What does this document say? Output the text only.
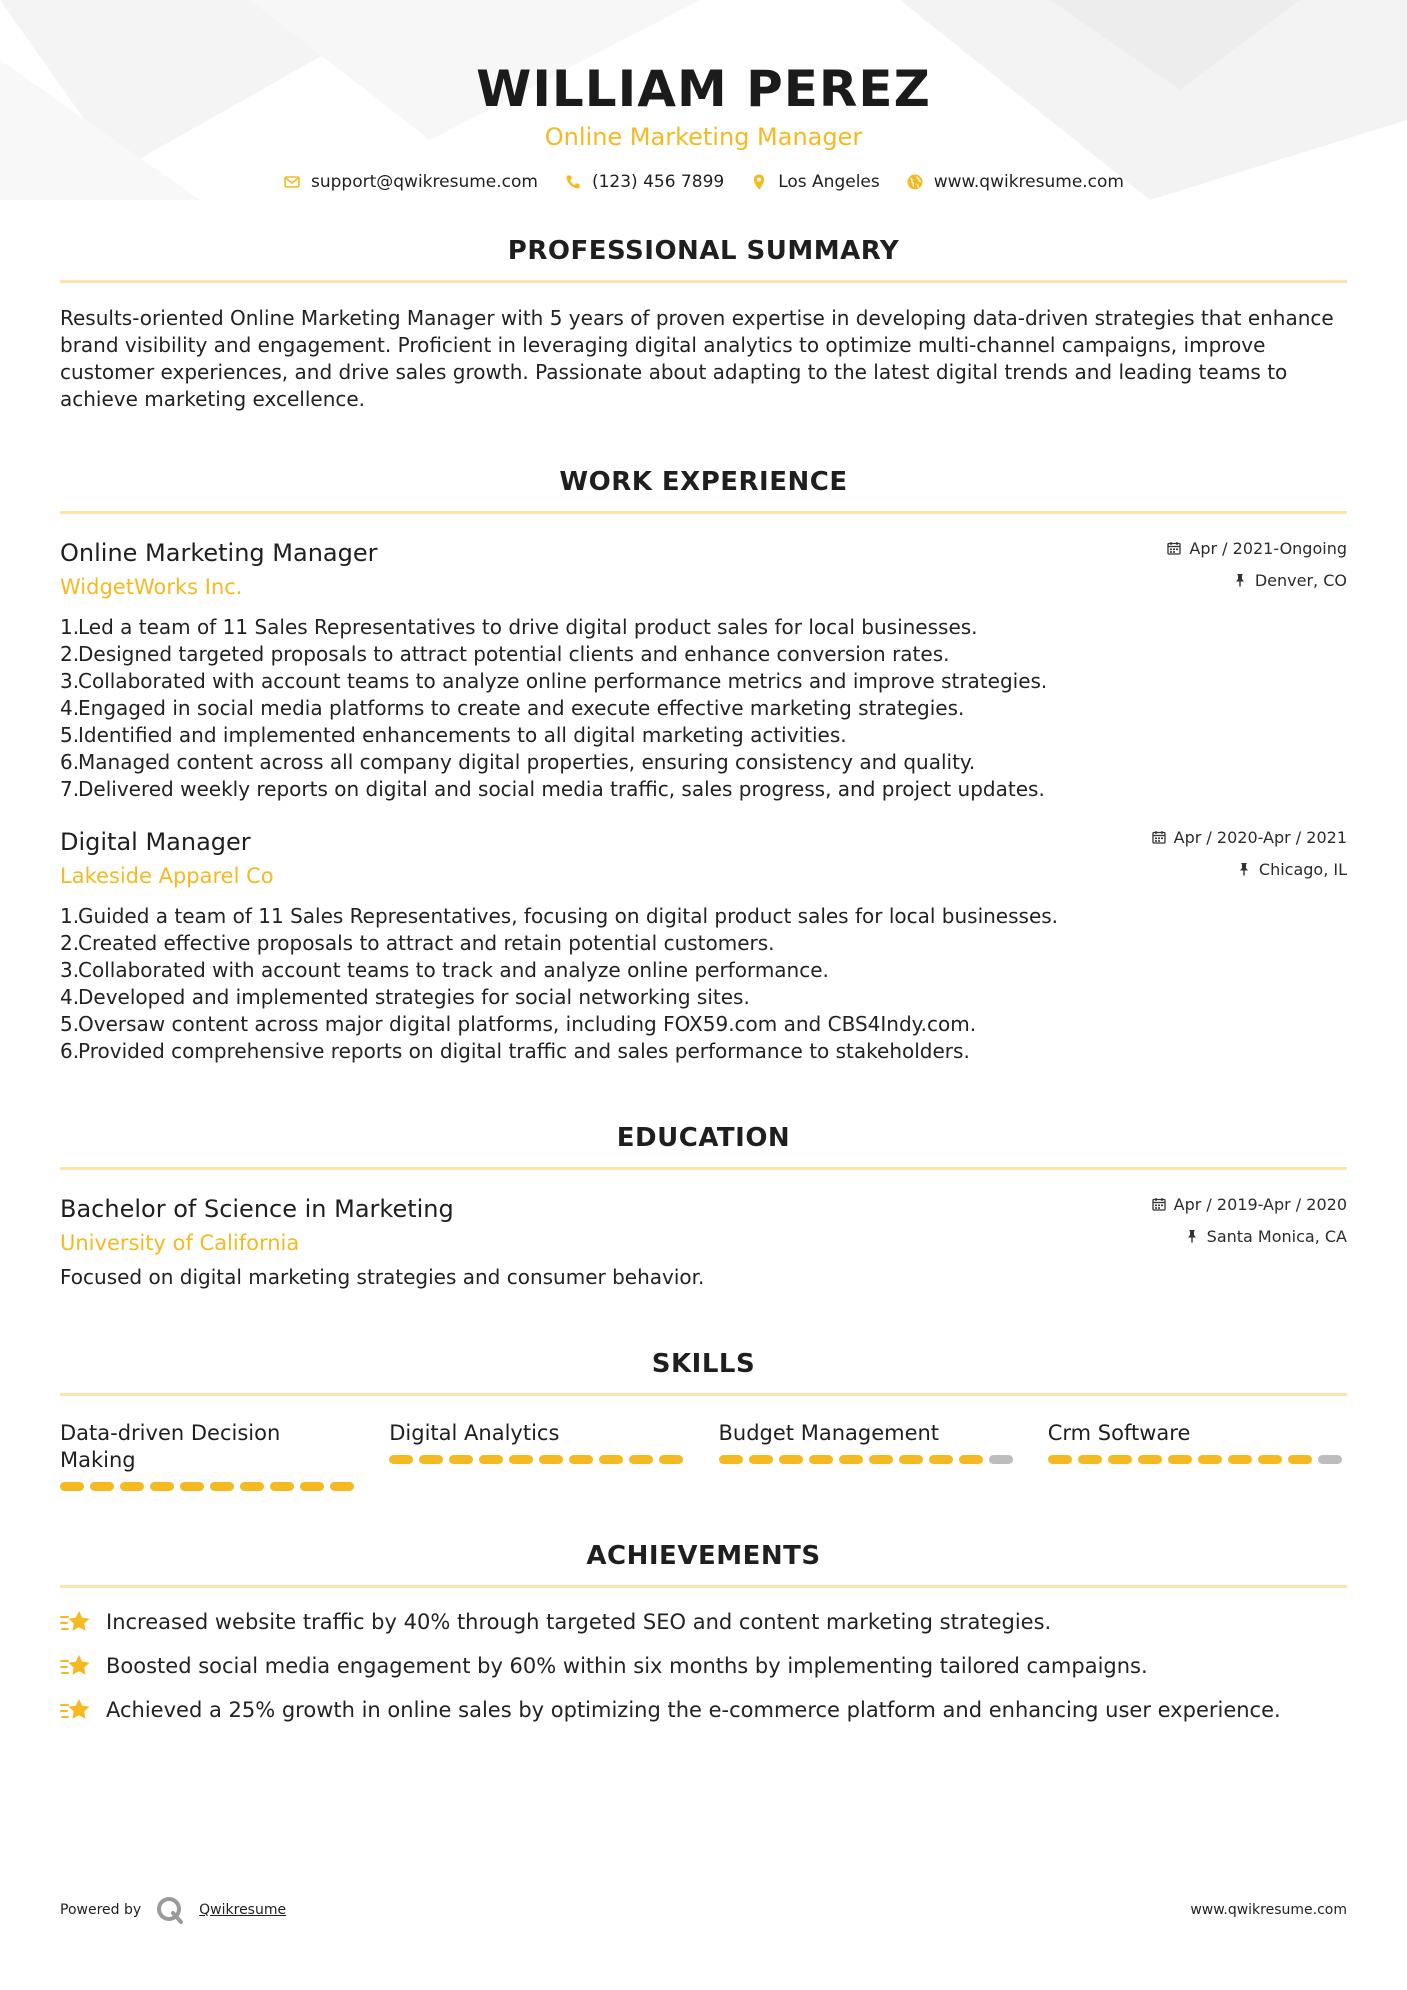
WILLIAM PEREZ
Online Marketing Manager
support@qwikresume.com	(123) 456 7899	Los Angeles	www.qwikresume.com
PROFESSIONAL SUMMARY

Results-oriented Online Marketing Manager with 5 years of proven expertise in developing data-driven strategies that enhance brand visibility and engagement. Proficient in leveraging digital analytics to optimize multi-channel campaigns, improve customer experiences, and drive sales growth. Passionate about adapting to the latest digital trends and leading teams to achieve marketing excellence.

WORK EXPERIENCE
Online Marketing Manager
WidgetWorks Inc.
Apr / 2021-Ongoing
Denver, CO
1.
Led a team of 11 Sales Representatives to drive digital product sales for local businesses.
2.
Designed targeted proposals to attract potential clients and enhance conversion rates.
3.
Collaborated with account teams to analyze online performance metrics and improve strategies.
4.
Engaged in social media platforms to create and execute effective marketing strategies.
5.
Identified and implemented enhancements to all digital marketing activities.
6.
Managed content across all company digital properties, ensuring consistency and quality.
7.
Delivered weekly reports on digital and social media traffic, sales progress, and project updates.
Digital Manager
Lakeside Apparel Co
Apr / 2020-Apr / 2021
Chicago, IL
1.
Guided a team of 11 Sales Representatives, focusing on digital product sales for local businesses.
2.
Created effective proposals to attract and retain potential customers.
3.
Collaborated with account teams to track and analyze online performance.
4.
Developed and implemented strategies for social networking sites.
5.
Oversaw content across major digital platforms, including FOX59.com and CBS4Indy.com.
6.
Provided comprehensive reports on digital traffic and sales performance to stakeholders.
EDUCATION
Bachelor of Science in Marketing
University of California
Apr / 2019-Apr / 2020
Santa Monica, CA

Focused on digital marketing strategies and consumer behavior.

SKILLS
Data-driven Decision Making
Digital Analytics	Budget Management	Crm Software
ACHIEVEMENTS
Increased website traffic by 40% through targeted SEO and content marketing strategies.
Boosted social media engagement by 60% within six months by implementing tailored campaigns.
Achieved a 25% growth in online sales by optimizing the e-commerce platform and enhancing user experience.
Powered by	Qwikresume	www.qwikresume.com
